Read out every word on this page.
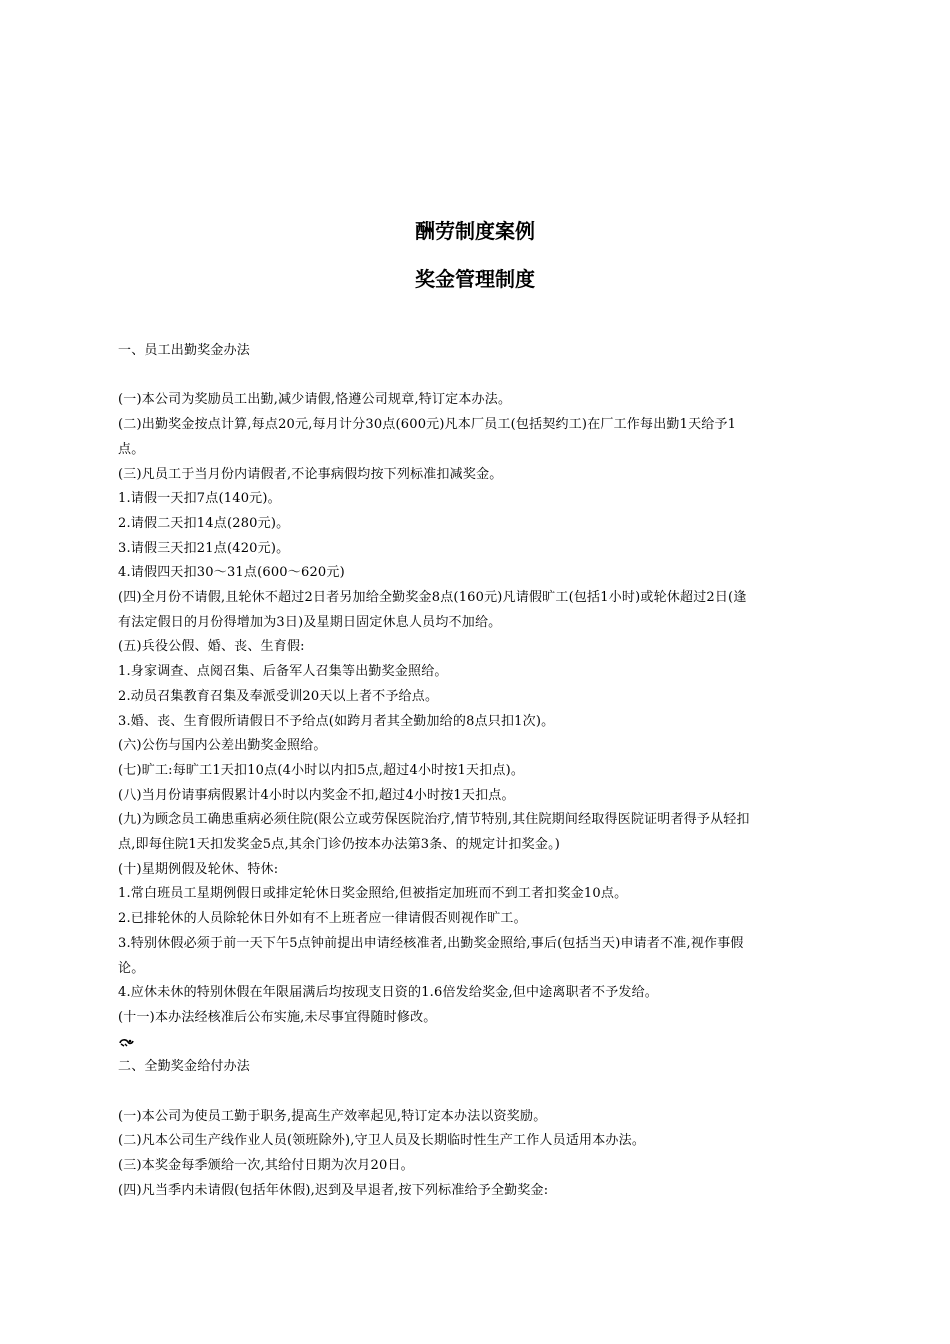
酬劳制度案例
奖金管理制度
一、员工出勤奖金办法
(一)本公司为奖励员工出勤,减少请假,恪遵公司规章,特订定本办法。
(二)出勤奖金按点计算,每点20元,每月计分30点(600元)凡本厂员工(包括契约工)在厂工作每出勤1天给予1
点。
(三)凡员工于当月份内请假者,不论事病假均按下列标准扣减奖金。
1.请假一天扣7点(140元)。
2.请假二天扣14点(280元)。
3.请假三天扣21点(420元)。
4.请假四天扣30～31点(600～620元)
(四)全月份不请假,且轮休不超过2日者另加给全勤奖金8点(160元)凡请假旷工(包括1小时)或轮休超过2日(逢
有法定假日的月份得增加为3日)及星期日固定休息人员均不加给。
(五)兵役公假、婚、丧、生育假:
1.身家调查、点阅召集、后备军人召集等出勤奖金照给。
2.动员召集教育召集及奉派受训20天以上者不予给点。
3.婚、丧、生育假所请假日不予给点(如跨月者其全勤加给的8点只扣1次)。
(六)公伤与国内公差出勤奖金照给。
(七)旷工:每旷工1天扣10点(4小时以内扣5点,超过4小时按1天扣点)。
(八)当月份请事病假累计4小时以内奖金不扣,超过4小时按1天扣点。
(九)为顾念员工确患重病必须住院(限公立或劳保医院治疗,情节特别,其住院期间经取得医院证明者得予从轻扣
点,即每住院1天扣发奖金5点,其余门诊仍按本办法第3条、的规定计扣奖金。)
(十)星期例假及轮休、特休:
1.常白班员工星期例假日或排定轮休日奖金照给,但被指定加班而不到工者扣奖金10点。
2.已排轮休的人员除轮休日外如有不上班者应一律请假否则视作旷工。
3.特别休假必须于前一天下午5点钟前提出申请经核准者,出勤奖金照给,事后(包括当天)申请者不准,视作事假
论。
4.应休未休的特别休假在年限届满后均按现支日资的1.6倍发给奖金,但中途离职者不予发给。
(十一)本办法经核准后公布实施,未尽事宜得随时修改。
二、全勤奖金给付办法
(一)本公司为使员工勤于职务,提高生产效率起见,特订定本办法以资奖励。
(二)凡本公司生产线作业人员(领班除外),守卫人员及长期临时性生产工作人员适用本办法。
(三)本奖金每季颁给一次,其给付日期为次月20日。
(四)凡当季内未请假(包括年休假),迟到及早退者,按下列标准给予全勤奖金:
